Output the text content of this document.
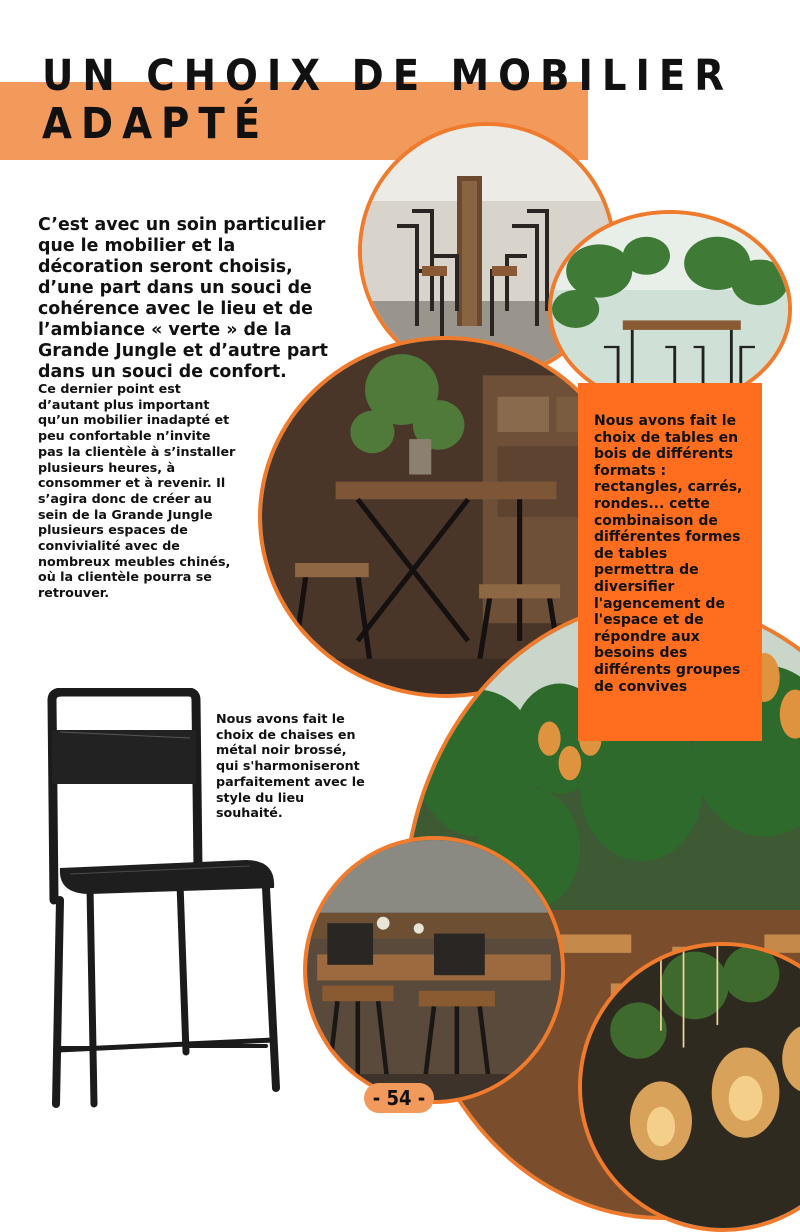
UN CHOIX DE MOBILIER
ADAPTÉ

C’est avec un soin particulier que le mobilier et la décoration seront choisis, d’une part dans un souci de cohérence avec le lieu et de l’ambiance « verte » de la Grande Jungle et d’autre part dans un souci de confort.

Ce dernier point est d’autant plus important qu’un mobilier inadapté et peu confortable n’invite pas la clientèle à s’installer plusieurs heures, à consommer et à revenir. Il s’agira donc de créer au sein de la Grande Jungle plusieurs espaces de convivialité avec de nombreux meubles chinés, où la clientèle pourra se retrouver.

Nous avons fait le choix de chaises en métal noir brossé, qui s'harmoniseront parfaitement avec le style du lieu souhaité.

Nous avons fait le choix de tables en bois de différents formats : rectangles, carrés, rondes... cette combinaison de différentes formes de tables permettra de diversifier l'agencement de l'espace et de répondre aux besoins des différents groupes de convives
- 54 -
